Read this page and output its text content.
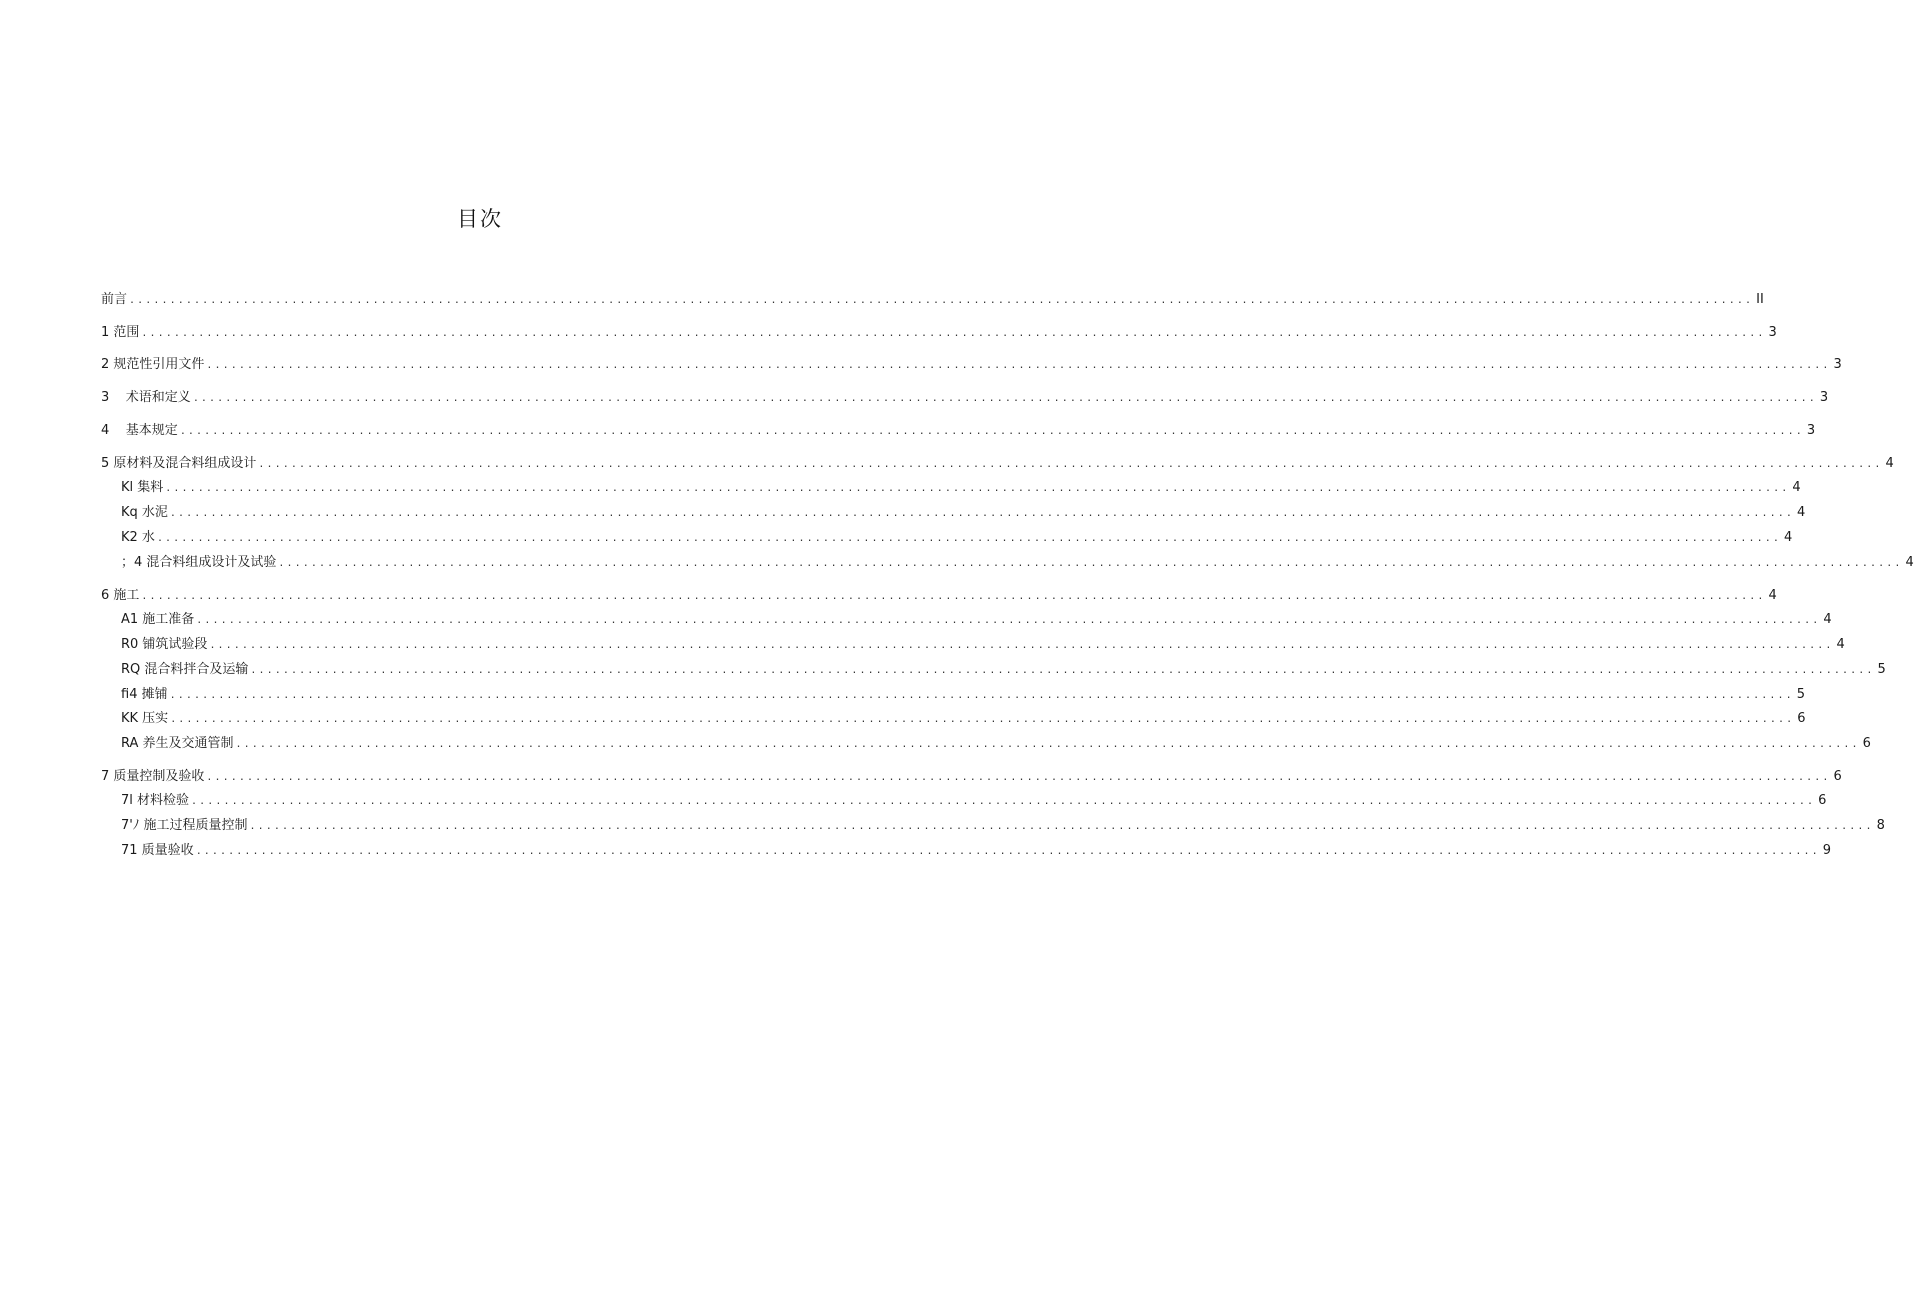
目次
前言 ........................................................................................................................................................................................................ II
1 范围 ........................................................................................................................................................................................................ 3
2 规范性引用文件 ........................................................................................................................................................................................................ 3
3    术语和定义 ........................................................................................................................................................................................................ 3
4    基本规定 ........................................................................................................................................................................................................ 3
5 原材料及混合料组成设计 ........................................................................................................................................................................................................ 4
Kl 集料 ........................................................................................................................................................................................................ 4
Kq 水泥 ........................................................................................................................................................................................................ 4
K2 水 ........................................................................................................................................................................................................ 4
；4 混合料组成设计及试验 ........................................................................................................................................................................................................ 4
6 施工 ........................................................................................................................................................................................................ 4
A1 施工准备 ........................................................................................................................................................................................................ 4
R0 铺筑试验段 ........................................................................................................................................................................................................ 4
RQ 混合料拌合及运输 ........................................................................................................................................................................................................ 5
fi4 摊铺 ........................................................................................................................................................................................................ 5
KK 压实 ........................................................................................................................................................................................................ 6
RA 养生及交通管制 ........................................................................................................................................................................................................ 6
7 质量控制及验收 ........................................................................................................................................................................................................ 6
7l 材料检验 ........................................................................................................................................................................................................ 6
7'ﾉ 施工过程质量控制 ........................................................................................................................................................................................................ 8
71 质量验收 ........................................................................................................................................................................................................ 9
